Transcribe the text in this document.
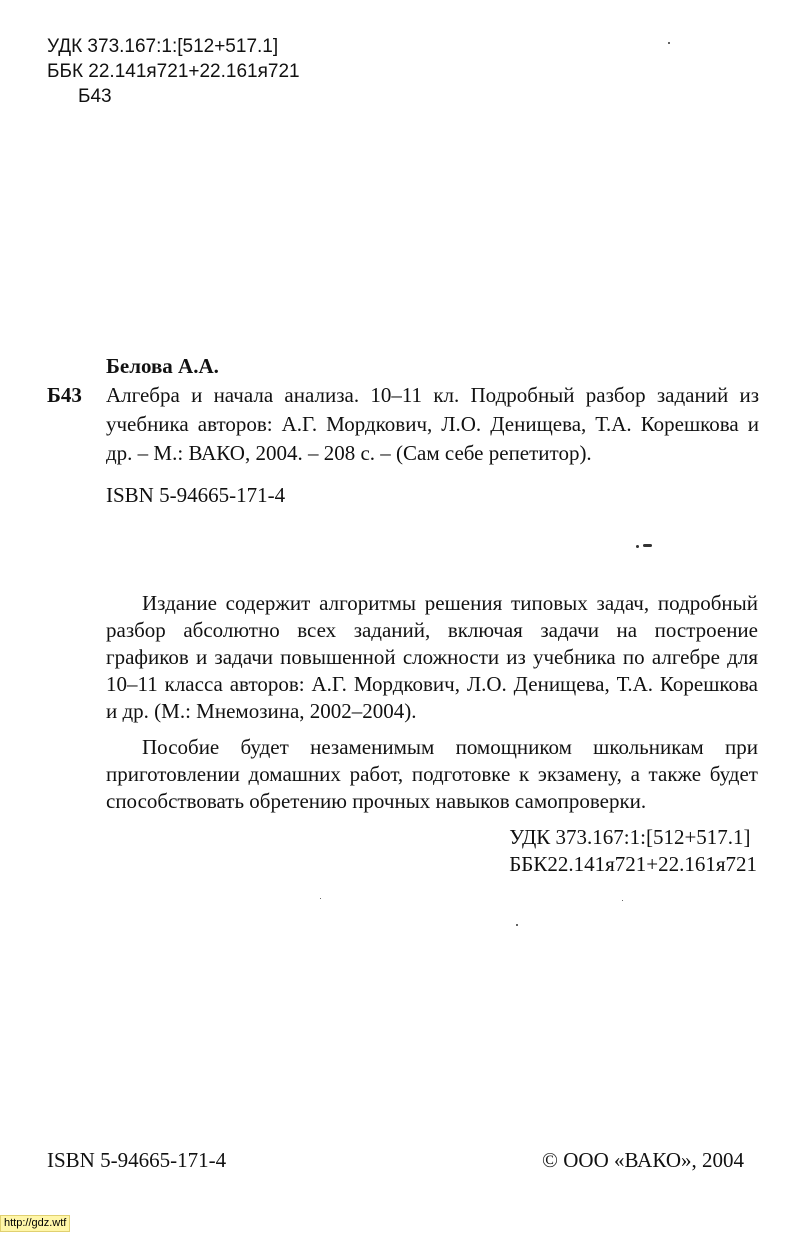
УДК 373.167:1:[512+517.1]
ББК 22.141я721+22.161я721
Б43
Белова А.А.
Б43	Алгебра и начала анализа. 10–11 кл. Подробный разбор заданий из учебника авторов: А.Г. Мордкович, Л.О. Денищева, Т.А. Корешкова и др. – М.: ВАКО, 2004. – 208 с. – (Сам себе репетитор).
ISBN 5-94665-171-4

Издание содержит алгоритмы решения типовых задач, подробный разбор абсолютно всех заданий, включая задачи на построение графиков и задачи повышенной сложности из учебника по алгебре для 10–11 класса авторов: А.Г. Мордкович, Л.О. Денищева, Т.А. Корешкова и др. (М.: Мнемозина, 2002–2004).

Пособие будет незаменимым помощником школьникам при приготовлении домашних работ, подготовке к экзамену, а также будет способствовать обретению прочных навыков самопроверки.

УДК 373.167:1:[512+517.1]
ББК22.141я721+22.161я721
ISBN 5-94665-171-4	© ООО «ВАКО», 2004
http://gdz.wtf
